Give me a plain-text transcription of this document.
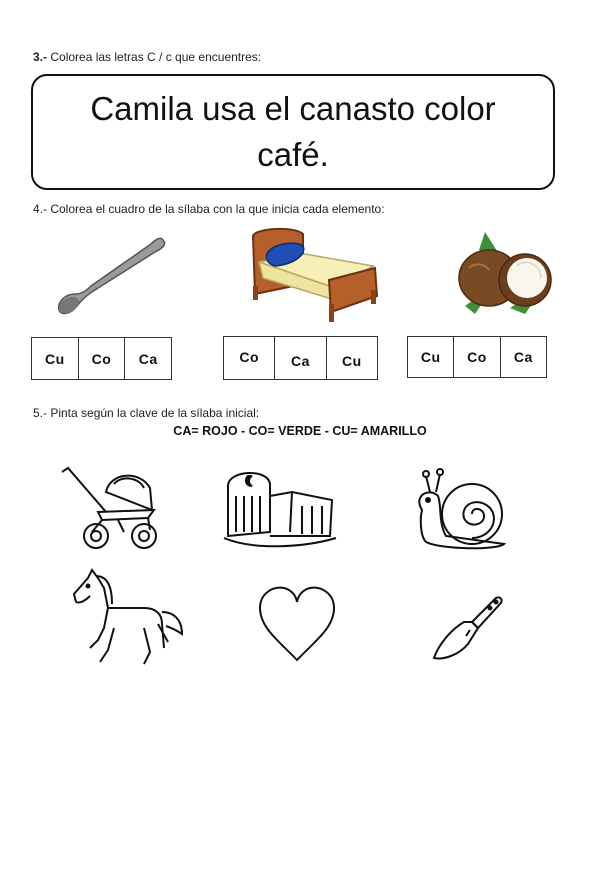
3.- Colorea las letras C / c que encuentres:
Camila usa el canasto color
café.
4.- Colorea el cuadro de la sílaba con la que inicia cada elemento:
Cu	Co	Ca	Co	Ca	Cu	Cu	Co	Ca
5.- Pinta según la clave de la sílaba inicial:
CA= ROJO - CO= VERDE - CU= AMARILLO
